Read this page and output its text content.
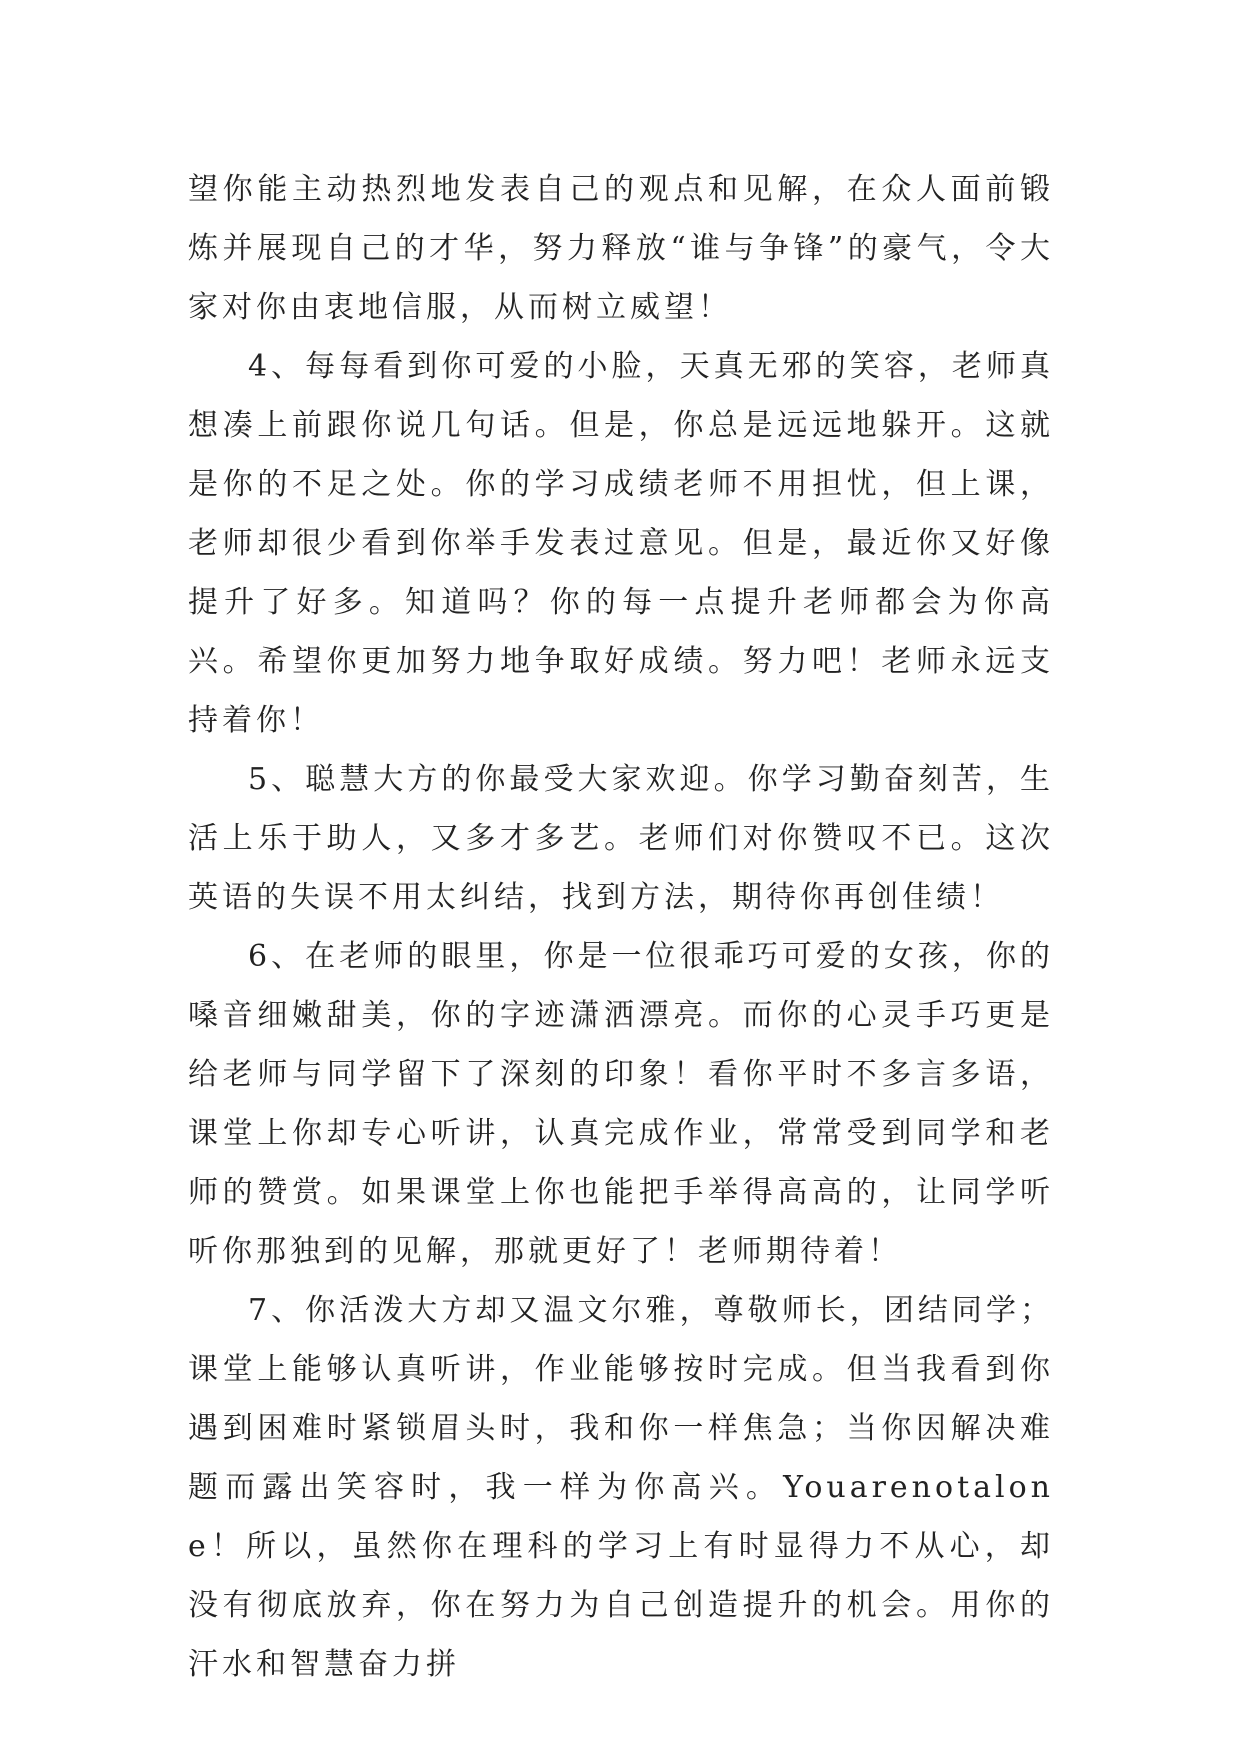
望你能主动热烈地发表自己的观点和见解，在众人面前锻炼并展现自己的才华，努力释放“谁与争锋”的豪气，令大家对你由衷地信服，从而树立威望！

4、每每看到你可爱的小脸，天真无邪的笑容，老师真想凑上前跟你说几句话。但是，你总是远远地躲开。这就是你的不足之处。你的学习成绩老师不用担忧，但上课，老师却很少看到你举手发表过意见。但是，最近你又好像提升了好多。知道吗？你的每一点提升老师都会为你高兴。希望你更加努力地争取好成绩。努力吧！老师永远支持着你！

5、聪慧大方的你最受大家欢迎。你学习勤奋刻苦，生活上乐于助人，又多才多艺。老师们对你赞叹不已。这次英语的失误不用太纠结，找到方法，期待你再创佳绩！

6、在老师的眼里，你是一位很乖巧可爱的女孩，你的嗓音细嫩甜美，你的字迹潇洒漂亮。而你的心灵手巧更是给老师与同学留下了深刻的印象！看你平时不多言多语，课堂上你却专心听讲，认真完成作业，常常受到同学和老师的赞赏。如果课堂上你也能把手举得高高的，让同学听听你那独到的见解，那就更好了！老师期待着！

7、你活泼大方却又温文尔雅，尊敬师长，团结同学；课堂上能够认真听讲，作业能够按时完成。但当我看到你遇到困难时紧锁眉头时，我和你一样焦急；当你因解决难题而露出笑容时，我一样为你高兴。Youarenotalone！所以，虽然你在理科的学习上有时显得力不从心，却没有彻底放弃，你在努力为自己创造提升的机会。用你的汗水和智慧奋力拼
